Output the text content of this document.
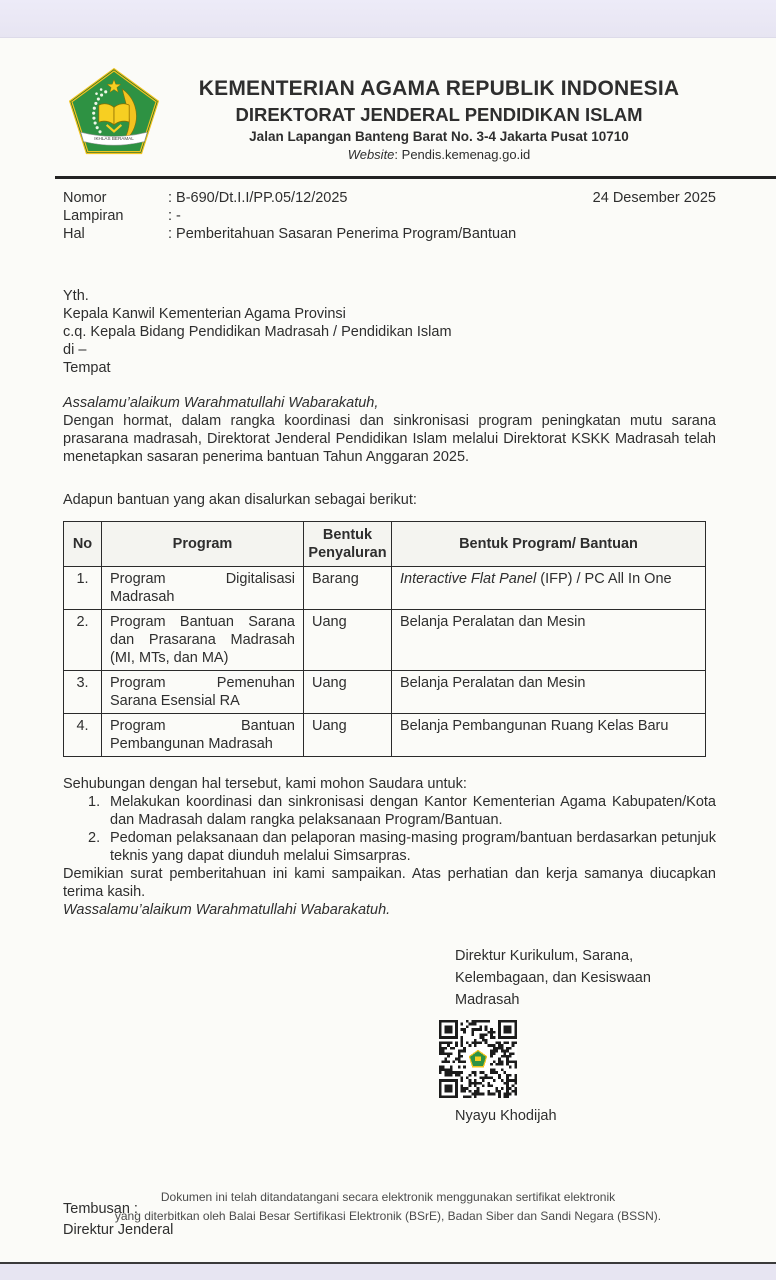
IKHLAS BERAMAL
KEMENTERIAN AGAMA REPUBLIK INDONESIA
DIREKTORAT JENDERAL PENDIDIKAN ISLAM
Jalan Lapangan Banteng Barat No. 3-4 Jakarta Pusat 10710
Website: Pendis.kemenag.go.id
Nomor	: B-690/Dt.I.I/PP.05/12/2025
Lampiran	: -
Hal	: Pemberitahuan Sasaran Penerima Program/Bantuan
24 Desember 2025
Yth.
Kepala Kanwil Kementerian Agama Provinsi
c.q. Kepala Bidang Pendidikan Madrasah / Pendidikan Islam
di –
Tempat
Assalamu’alaikum Warahmatullahi Wabarakatuh,

Dengan hormat, dalam rangka koordinasi dan sinkronisasi program peningkatan mutu sarana prasarana madrasah, Direktorat Jenderal Pendidikan Islam melalui Direktorat KSKK Madrasah telah menetapkan sasaran penerima bantuan Tahun Anggaran 2025.

Adapun bantuan yang akan disalurkan sebagai berikut:

No	Program	Bentuk Penyaluran	Bentuk Program/ Bantuan
1.	Program Digitalisasi Madrasah	Barang	Interactive Flat Panel (IFP) / PC All In One
2.	Program Bantuan Sarana dan Prasarana Madrasah (MI, MTs, dan MA)	Uang	Belanja Peralatan dan Mesin
3.	Program Pemenuhan Sarana Esensial RA	Uang	Belanja Peralatan dan Mesin
4.	Program Bantuan Pembangunan Madrasah	Uang	Belanja Pembangunan Ruang Kelas Baru

Sehubungan dengan hal tersebut, kami mohon Saudara untuk:

1. Melakukan koordinasi dan sinkronisasi dengan Kantor Kementerian Agama Kabupaten/Kota dan Madrasah dalam rangka pelaksanaan Program/Bantuan.
2. Pedoman pelaksanaan dan pelaporan masing-masing program/bantuan berdasarkan petunjuk teknis yang dapat diunduh melalui Simsarpras.
Demikian surat pemberitahuan ini kami sampaikan. Atas perhatian dan kerja samanya diucapkan terima kasih.
Wassalamu’alaikum Warahmatullahi Wabarakatuh.
Direktur Kurikulum, Sarana,
Kelembagaan, dan Kesiswaan Madrasah
Nyayu Khodijah
Tembusan :
Direktur Jenderal
Dokumen ini telah ditandatangani secara elektronik menggunakan sertifikat elektronik
yang diterbitkan oleh Balai Besar Sertifikasi Elektronik (BSrE), Badan Siber dan Sandi Negara (BSSN).
